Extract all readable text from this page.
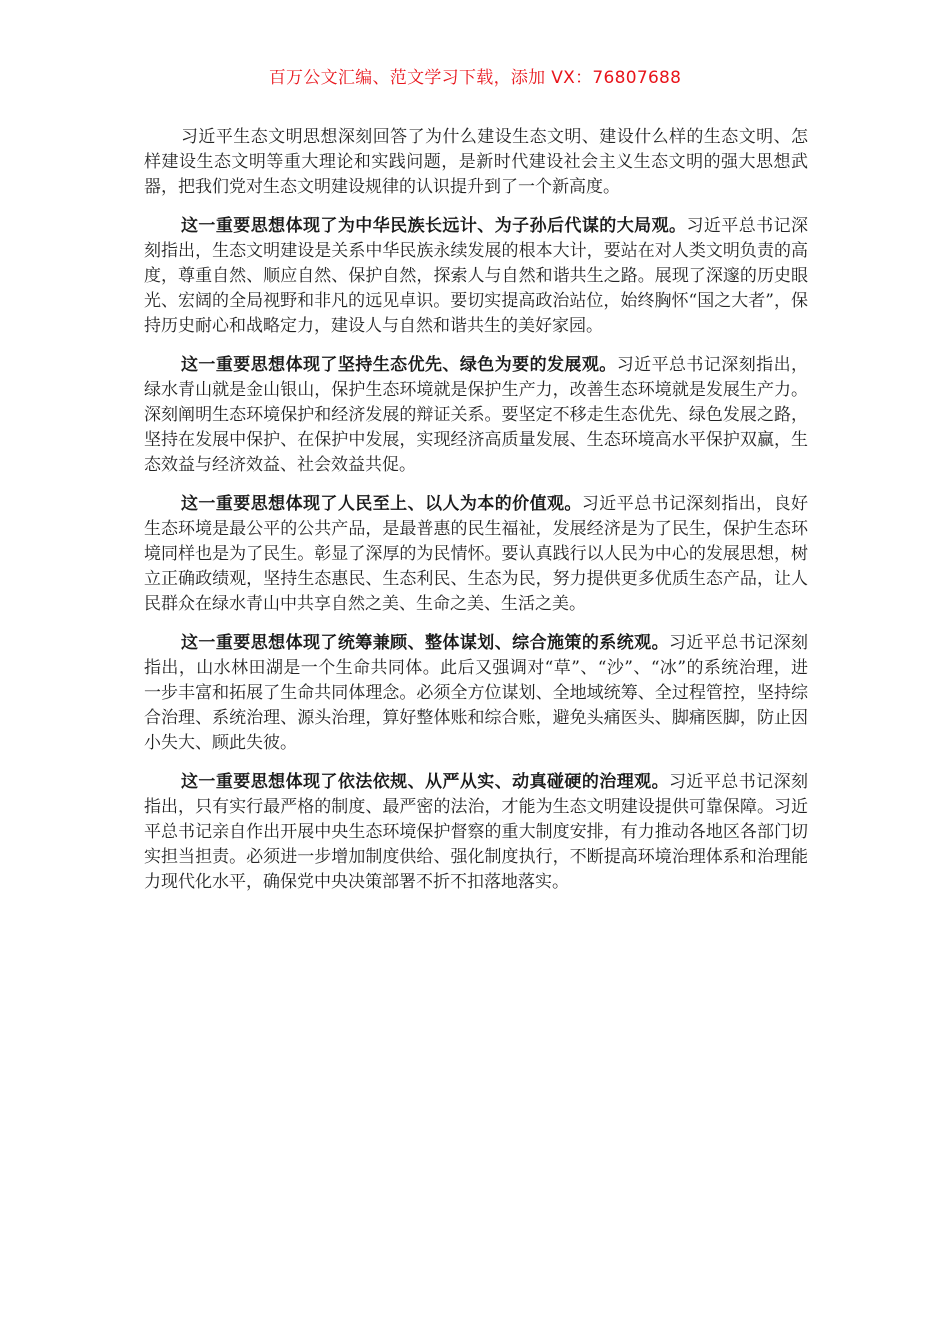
百万公文汇编、范文学习下载，添加 VX：76807688

习近平生态文明思想深刻回答了为什么建设生态文明、建设什么样的生态文明、怎样建设生态文明等重大理论和实践问题，是新时代建设社会主义生态文明的强大思想武器，把我们党对生态文明建设规律的认识提升到了一个新高度。

这一重要思想体现了为中华民族长远计、为子孙后代谋的大局观。习近平总书记深刻指出，生态文明建设是关系中华民族永续发展的根本大计，要站在对人类文明负责的高度，尊重自然、顺应自然、保护自然，探索人与自然和谐共生之路。展现了深邃的历史眼光、宏阔的全局视野和非凡的远见卓识。要切实提高政治站位，始终胸怀“国之大者”，保持历史耐心和战略定力，建设人与自然和谐共生的美好家园。

这一重要思想体现了坚持生态优先、绿色为要的发展观。习近平总书记深刻指出，绿水青山就是金山银山，保护生态环境就是保护生产力，改善生态环境就是发展生产力。深刻阐明生态环境保护和经济发展的辩证关系。要坚定不移走生态优先、绿色发展之路，坚持在发展中保护、在保护中发展，实现经济高质量发展、生态环境高水平保护双赢，生态效益与经济效益、社会效益共促。

这一重要思想体现了人民至上、以人为本的价值观。习近平总书记深刻指出，良好生态环境是最公平的公共产品，是最普惠的民生福祉，发展经济是为了民生，保护生态环境同样也是为了民生。彰显了深厚的为民情怀。要认真践行以人民为中心的发展思想，树立正确政绩观，坚持生态惠民、生态利民、生态为民，努力提供更多优质生态产品，让人民群众在绿水青山中共享自然之美、生命之美、生活之美。

这一重要思想体现了统筹兼顾、整体谋划、综合施策的系统观。习近平总书记深刻指出，山水林田湖是一个生命共同体。此后又强调对“草”、“沙”、“冰”的系统治理，进一步丰富和拓展了生命共同体理念。必须全方位谋划、全地域统筹、全过程管控，坚持综合治理、系统治理、源头治理，算好整体账和综合账，避免头痛医头、脚痛医脚，防止因小失大、顾此失彼。

这一重要思想体现了依法依规、从严从实、动真碰硬的治理观。习近平总书记深刻指出，只有实行最严格的制度、最严密的法治，才能为生态文明建设提供可靠保障。习近平总书记亲自作出开展中央生态环境保护督察的重大制度安排，有力推动各地区各部门切实担当担责。必须进一步增加制度供给、强化制度执行，不断提高环境治理体系和治理能力现代化水平，确保党中央决策部署不折不扣落地落实。
